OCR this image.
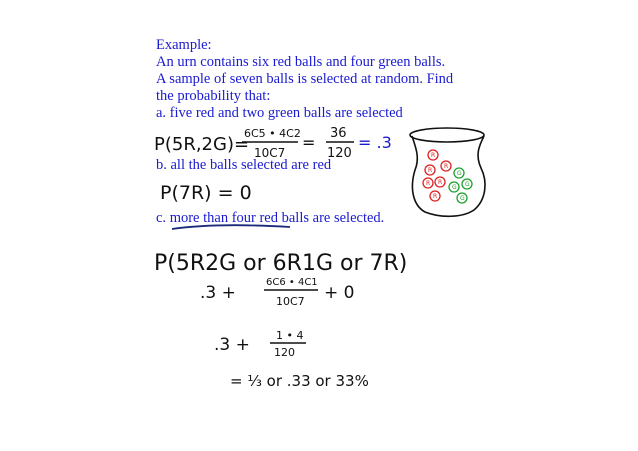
Example:
An urn contains six red balls and four green balls.
A sample of seven balls is selected at random. Find
the probability that:
a. five red and two green balls are selected
b. all the balls selected are red
c. more than four red balls are selected.
P(5R,2G)=
6C5 • 4C2
10C7
= 36
120
= .3
P(7R) = 0
P(5R2G or 6R1G or 7R)
.3 +
6C6 • 4C1
10C7 + 0
.3 + 1 • 4
120
= ⅓ or .33 or 33%
R
R
R
R R
R
G
G G
G
